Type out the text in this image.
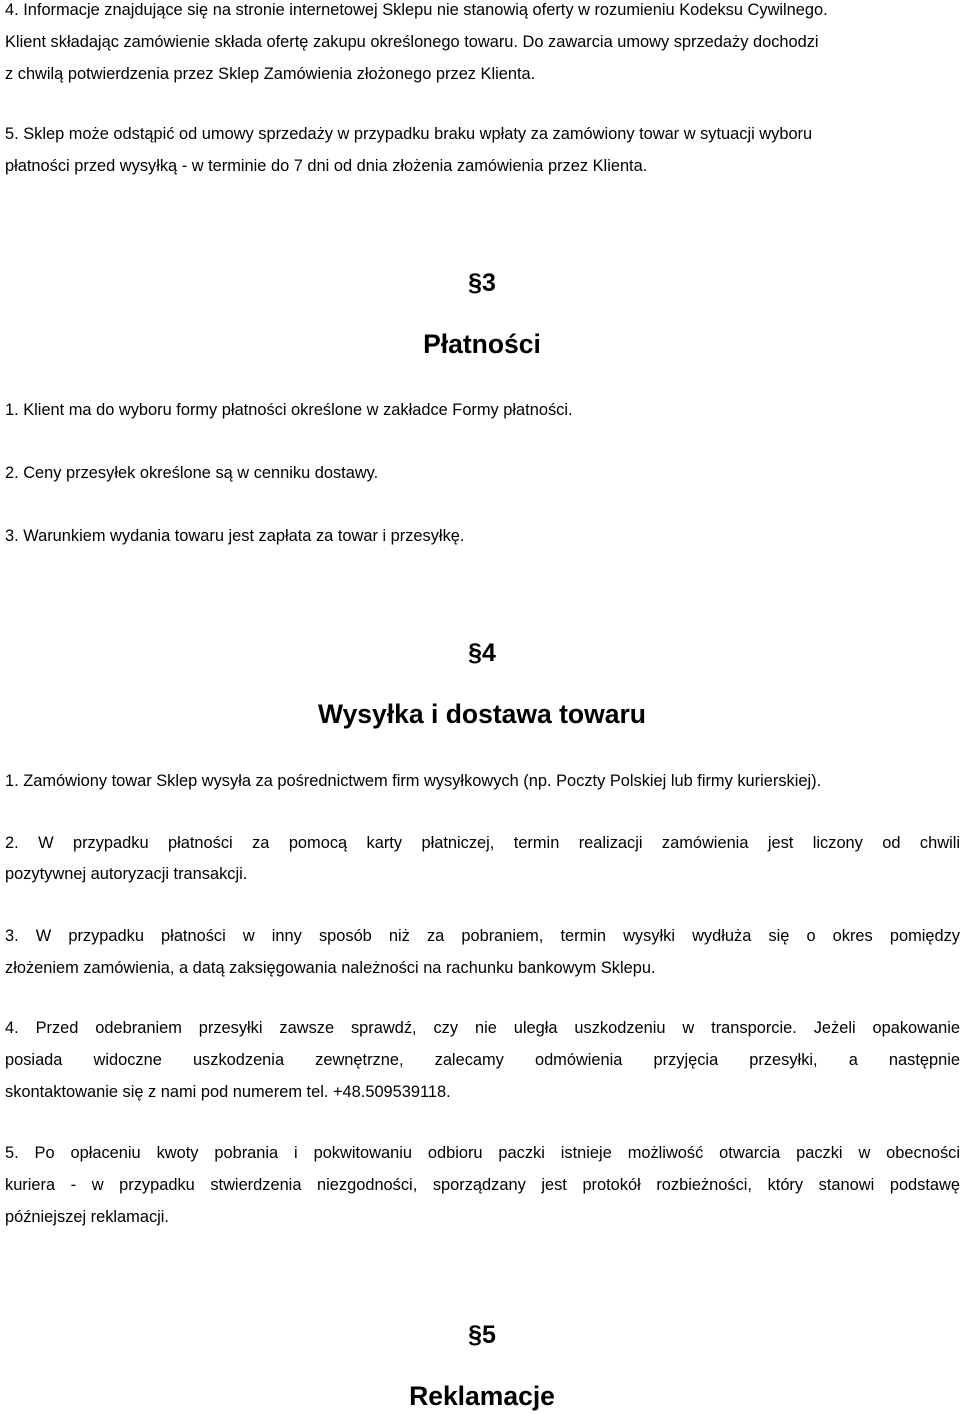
4. Informacje znajdujące się na stronie internetowej Sklepu nie stanowią oferty w rozumieniu Kodeksu Cywilnego.
Klient składając zamówienie składa ofertę zakupu określonego towaru. Do zawarcia umowy sprzedaży dochodzi
z chwilą potwierdzenia przez Sklep Zamówienia złożonego przez Klienta.
5. Sklep może odstąpić od umowy sprzedaży w przypadku braku wpłaty za zamówiony towar w sytuacji wyboru
płatności przed wysyłką - w terminie do 7 dni od dnia złożenia zamówienia przez Klienta.
§3
Płatności
1. Klient ma do wyboru formy płatności określone w zakładce Formy płatności.
2. Ceny przesyłek określone są w cenniku dostawy.
3. Warunkiem wydania towaru jest zapłata za towar i przesyłkę.
§4
Wysyłka i dostawa towaru
1. Zamówiony towar Sklep wysyła za pośrednictwem firm wysyłkowych (np. Poczty Polskiej lub firmy kurierskiej).
2. W przypadku płatności za pomocą karty płatniczej, termin realizacji zamówienia jest liczony od chwili
pozytywnej autoryzacji transakcji.
3. W przypadku płatności w inny sposób niż za pobraniem, termin wysyłki wydłuża się o okres pomiędzy
złożeniem zamówienia, a datą zaksięgowania należności na rachunku bankowym Sklepu.
4. Przed odebraniem przesyłki zawsze sprawdź, czy nie uległa uszkodzeniu w transporcie. Jeżeli opakowanie
posiada widoczne uszkodzenia zewnętrzne, zalecamy odmówienia przyjęcia przesyłki, a następnie
skontaktowanie się z nami pod numerem tel. +48.509539118.
5. Po opłaceniu kwoty pobrania i pokwitowaniu odbioru paczki istnieje możliwość otwarcia paczki w obecności
kuriera - w przypadku stwierdzenia niezgodności, sporządzany jest protokół rozbieżności, który stanowi podstawę
późniejszej reklamacji.
§5
Reklamacje
